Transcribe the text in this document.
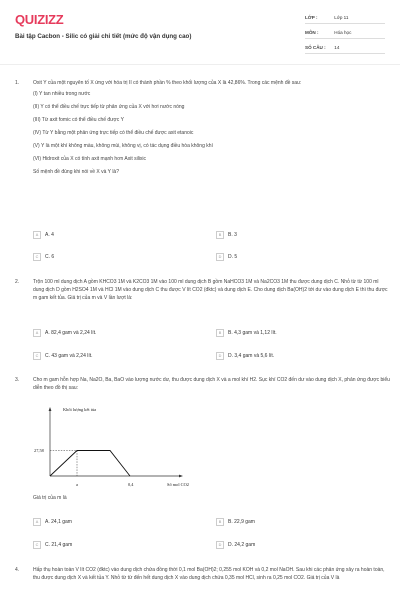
QUIZIZZ
Bài tập Cacbon - Silic có giải chi tiết (mức độ vận dụng cao)
LỚP :	Lớp 11
MÔN :	Hóa học
SỐ CÂU : 14
1.	Oxit Y của một nguyên tố X ứng với hóa trị II có thành phần % theo khối lượng của X là 42,86%. Trong các mệnh đề sau:
(I) Y tan nhiều trong nước
(II) Y có thể điều chế trực tiếp từ phản ứng của X với hơi nước nóng
(III) Từ axit fomic có thể điều chế được Y
(IV) Từ Y bằng một phản ứng trực tiếp có thể điều chế được axit etanoic
(V) Y là một khí không màu, không mùi, không vị, có tác dụng điều hòa không khí
(VI) Hidroxit của X có tính axit mạnh hơn Axit silixic
Số mệnh đề đúng khi nói về X và Y là?
A A. 4	B B. 3
C C. 6	D D. 5
2.	Trộn 100 ml dung dịch A gồm KHCO3 1M và K2CO3 1M vào 100 ml dung dịch B gồm NaHCO3 1M và Na2CO3 1M thu được dung dịch C. Nhỏ từ từ 100 ml dung dịch D gồm H2SO4 1M và HCl 1M vào dung dịch C thu được V lít CO2 (đktc) và dung dịch E. Cho dung dịch Ba(OH)2 tới dư vào dung dịch E thì thu được m gam kết tủa. Giá trị của m và V lần lượt là:
A A. 82,4 gam và 2,24 lít.	B B. 4,3 gam và 1,12 lít.
C C. 43 gam và 2,24 lít.	D D. 3,4 gam và 5,6 lít.
3.	Cho m gam hỗn hợp Na, Na2O, Ba, BaO vào lượng nước dư, thu được dung dịch X và a mol khí H2. Sục khí CO2 đến dư vào dung dịch X, phản ứng được biểu diễn theo đồ thị sau:
Khối lượng kết tủa
Số mol CO2
27,58
a	0,4
Giá trị của m là
A A. 24,1 gam	B B. 22,9 gam
C C. 21,4 gam	D D. 24,2 gam
4.	Hấp thụ hoàn toàn V lít CO2 (đktc) vào dung dịch chứa đồng thời 0,1 mol Ba(OH)2; 0,255 mol KOH và 0,2 mol NaOH. Sau khi các phản ứng xảy ra hoàn toàn, thu được dung dịch X và kết tủa Y. Nhỏ từ từ đến hết dung dịch X vào dung dịch chứa 0,35 mol HCl, sinh ra 0,25 mol CO2. Giá trị của V là
